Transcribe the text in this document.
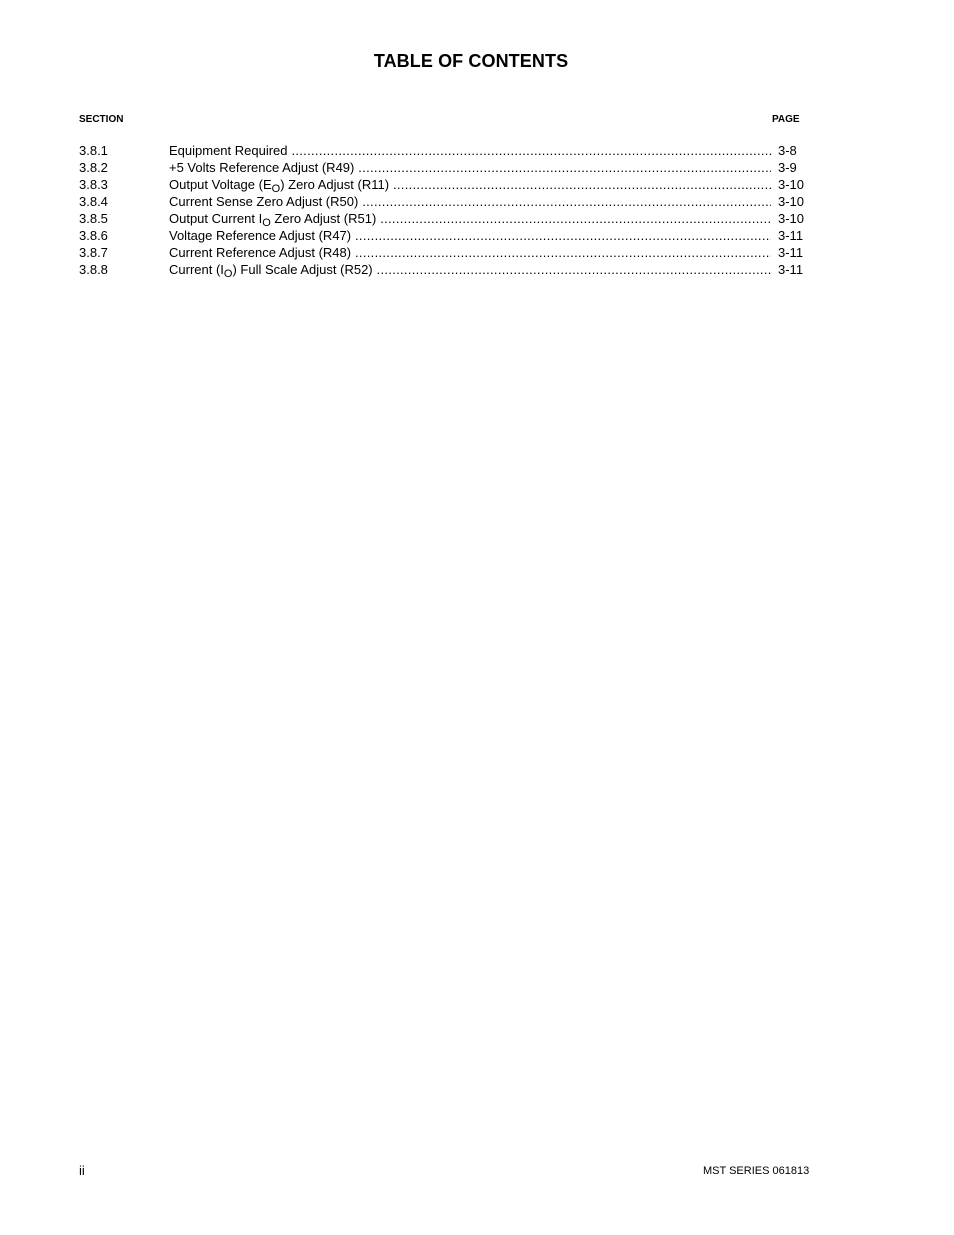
TABLE OF CONTENTS
SECTION	PAGE
3.8.1	Equipment Required .....	3-8
3.8.2	+5 Volts Reference Adjust (R49) .....	3-9
3.8.3	Output Voltage $(E_O)$ Zero Adjust (R11) .....	3-10
3.8.4	Current Sense Zero Adjust (R50) .....	3-10
3.8.5	Output Current $I_O$ Zero Adjust (R51) .....	3-10
3.8.6	Voltage Reference Adjust (R47) .....	3-11
3.8.7	Current Reference Adjust (R48) .....	3-11
3.8.8	Current $(I_O)$ Full Scale Adjust (R52) .....	3-11
ii	MST SERIES 061813
